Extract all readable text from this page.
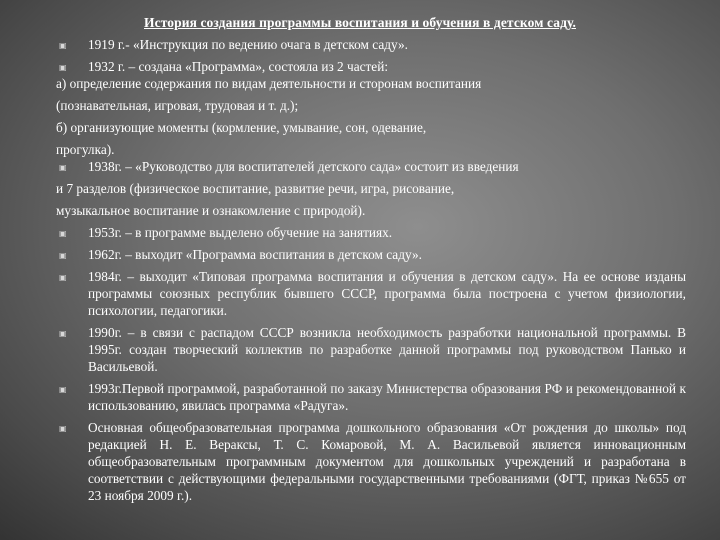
История создания программы воспитания и обучения в детском саду.
▣ 1919 г.- «Инструкция по ведению очага в детском саду».
▣ 1932 г. – создана «Программа», состояла из 2 частей:
а) определение содержания по видам деятельности и сторонам воспитания
(познавательная, игровая, трудовая и т. д.);
б) организующие моменты (кормление, умывание, сон, одевание,
прогулка).
▣ 1938г. – «Руководство для воспитателей детского сада» состоит из введения
и 7 разделов (физическое воспитание, развитие речи, игра, рисование,
музыкальное воспитание и ознакомление с природой).
▣ 1953г. – в программе выделено обучение на занятиях.
▣ 1962г. – выходит «Программа воспитания в детском саду».
▣ 1984г. – выходит «Типовая программа воспитания и обучения в детском саду». На ее основе изданы программы союзных республик бывшего СССР, программа была построена с учетом физиологии, психологии, педагогики.
▣ 1990г. – в связи с распадом СССР возникла необходимость разработки национальной программы. В 1995г. создан творческий коллектив по разработке данной программы под руководством Панько и Васильевой.
▣ 1993г.Первой программой, разработанной по заказу Министерства образования РФ и рекомендованной к использованию, явилась программа «Радуга».
▣ Основная общеобразовательная программа дошкольного образования «От рождения до школы» под редакцией Н. Е. Вераксы, Т. С. Комаровой, М. А. Васильевой является инновационным общеобразовательным программным документом для дошкольных учреждений и разработана в соответствии с действующими федеральными государственными требованиями (ФГТ, приказ №655 от 23 ноября 2009 г.).
